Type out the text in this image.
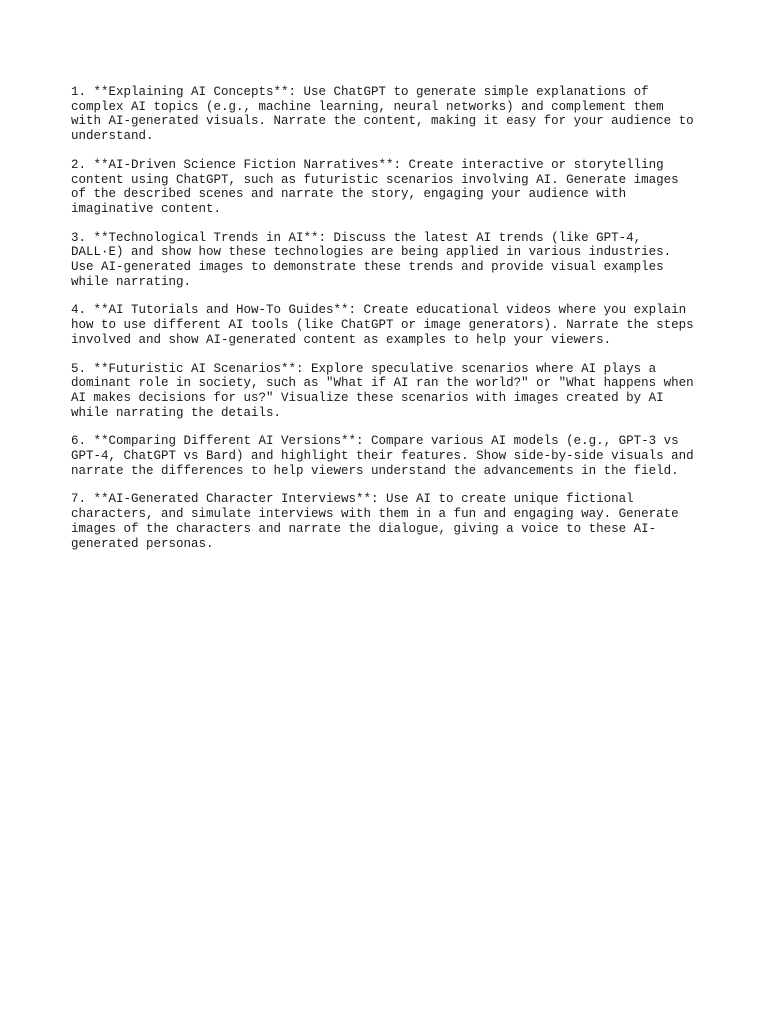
1. **Explaining AI Concepts**: Use ChatGPT to generate simple explanations of
complex AI topics (e.g., machine learning, neural networks) and complement them
with AI-generated visuals. Narrate the content, making it easy for your audience to
understand.
2. **AI-Driven Science Fiction Narratives**: Create interactive or storytelling
content using ChatGPT, such as futuristic scenarios involving AI. Generate images
of the described scenes and narrate the story, engaging your audience with
imaginative content.
3. **Technological Trends in AI**: Discuss the latest AI trends (like GPT-4,
DALL·E) and show how these technologies are being applied in various industries.
Use AI-generated images to demonstrate these trends and provide visual examples
while narrating.
4. **AI Tutorials and How-To Guides**: Create educational videos where you explain
how to use different AI tools (like ChatGPT or image generators). Narrate the steps
involved and show AI-generated content as examples to help your viewers.
5. **Futuristic AI Scenarios**: Explore speculative scenarios where AI plays a
dominant role in society, such as "What if AI ran the world?" or "What happens when
AI makes decisions for us?" Visualize these scenarios with images created by AI
while narrating the details.
6. **Comparing Different AI Versions**: Compare various AI models (e.g., GPT-3 vs
GPT-4, ChatGPT vs Bard) and highlight their features. Show side-by-side visuals and
narrate the differences to help viewers understand the advancements in the field.
7. **AI-Generated Character Interviews**: Use AI to create unique fictional
characters, and simulate interviews with them in a fun and engaging way. Generate
images of the characters and narrate the dialogue, giving a voice to these AI-
generated personas.
